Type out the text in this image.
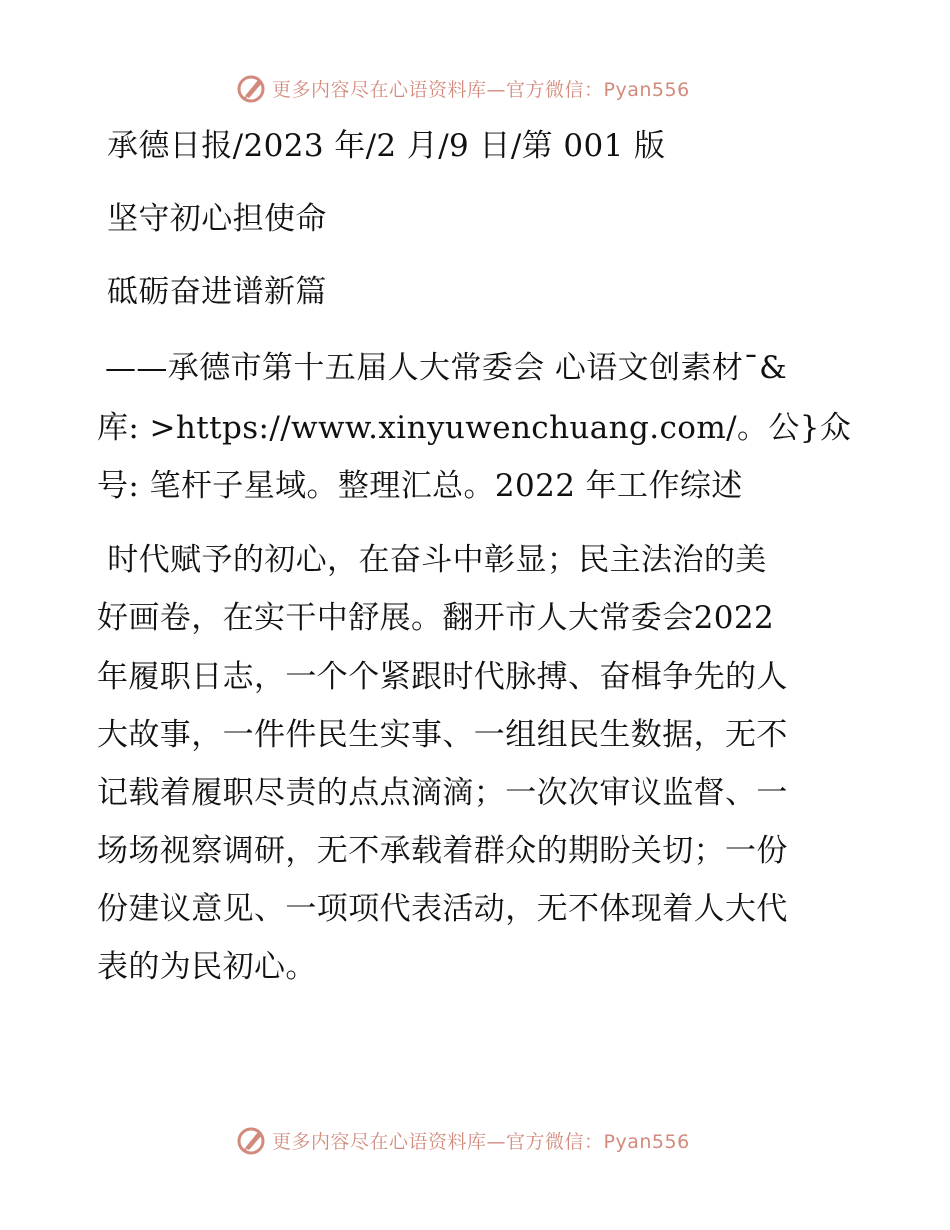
更多内容尽在心语资料库—官方微信：Pyan556
承德日报/2023 年/2 月/9 日/第 001 版
坚守初心担使命
砥砺奋进谱新篇
——承德市第十五届人大常委会 心语文创素材¯&
库: >https://www.xinyuwenchuang.com/。公}众
号: 笔杆子星域。整理汇总。2022 年工作综述
时代赋予的初心，在奋斗中彰显；民主法治的美
好画卷，在实干中舒展。翻开市人大常委会2022
年履职日志，一个个紧跟时代脉搏、奋楫争先的人
大故事，一件件民生实事、一组组民生数据，无不
记载着履职尽责的点点滴滴；一次次审议监督、一
场场视察调研，无不承载着群众的期盼关切；一份
份建议意见、一项项代表活动，无不体现着人大代
表的为民初心。
更多内容尽在心语资料库—官方微信：Pyan556
